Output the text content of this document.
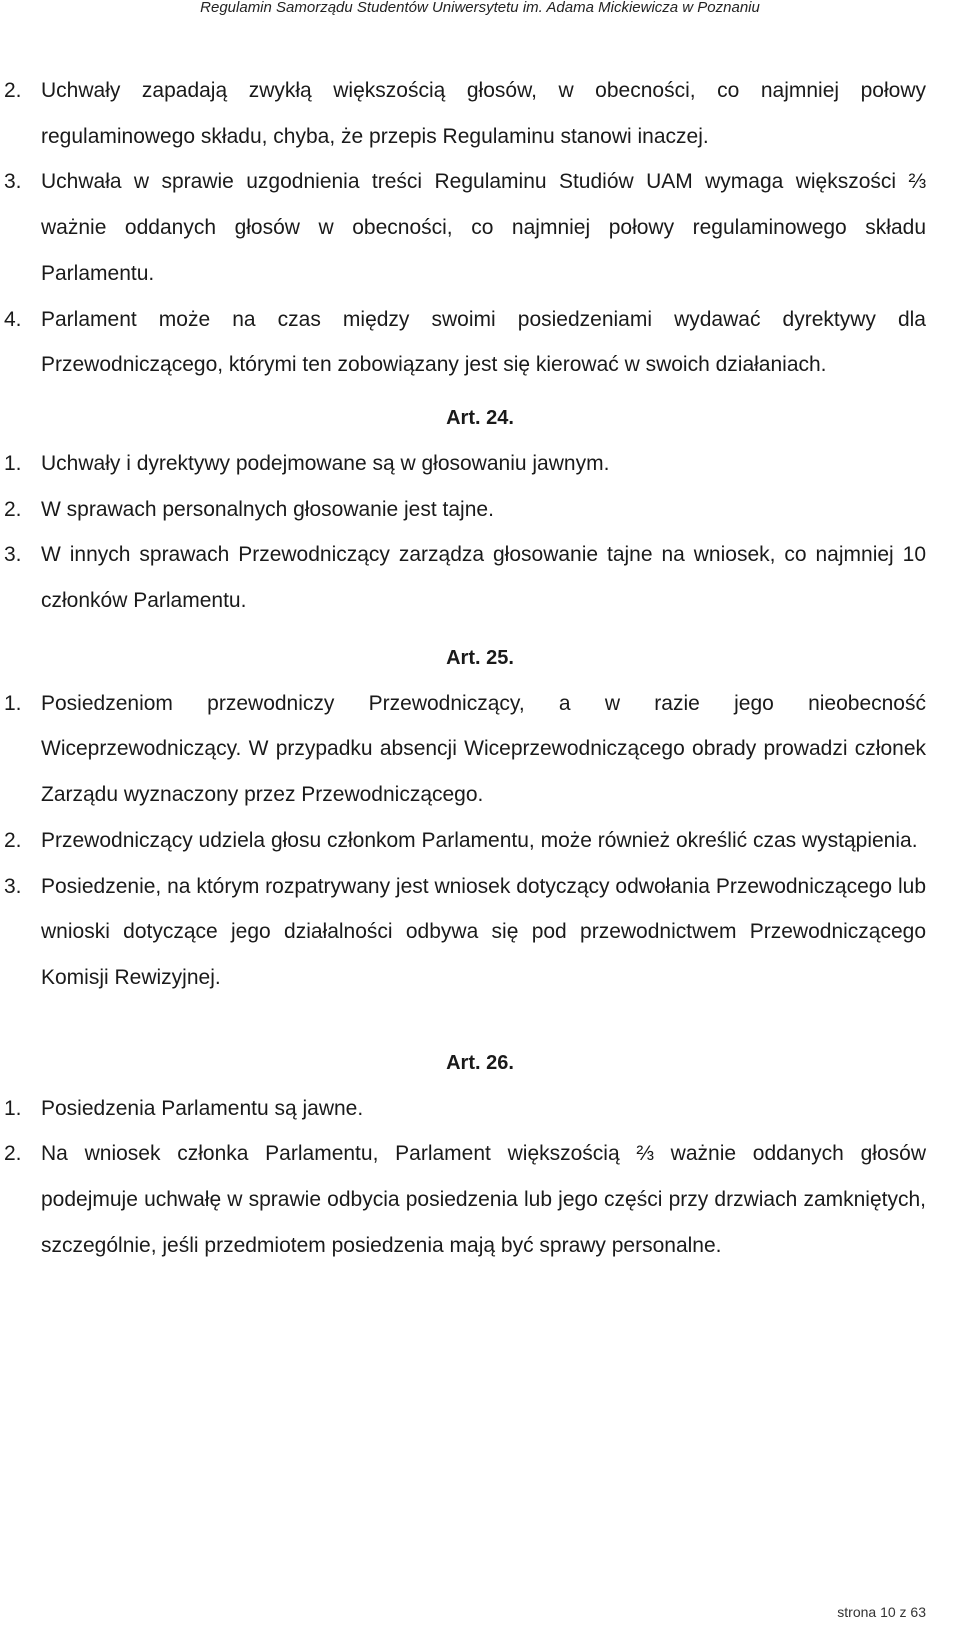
Regulamin Samorządu Studentów Uniwersytetu im. Adama Mickiewicza w Poznaniu
2. Uchwały zapadają zwykłą większością głosów, w obecności, co najmniej połowy regulaminowego składu, chyba, że przepis Regulaminu stanowi inaczej.
3. Uchwała w sprawie uzgodnienia treści Regulaminu Studiów UAM wymaga większości ⅔ ważnie oddanych głosów w obecności, co najmniej połowy regulaminowego składu Parlamentu.
4. Parlament może na czas między swoimi posiedzeniami wydawać dyrektywy dla Przewodniczącego, którymi ten zobowiązany jest się kierować w swoich działaniach.
Art. 24.
1. Uchwały i dyrektywy podejmowane są w głosowaniu jawnym.
2. W sprawach personalnych głosowanie jest tajne.
3. W innych sprawach Przewodniczący zarządza głosowanie tajne na wniosek, co najmniej 10 członków Parlamentu.
Art. 25.
1. Posiedzeniom przewodniczy Przewodniczący, a w razie jego nieobecność Wiceprzewodniczący. W przypadku absencji Wiceprzewodniczącego obrady prowadzi członek Zarządu wyznaczony przez Przewodniczącego.
2. Przewodniczący udziela głosu członkom Parlamentu, może również określić czas wystąpienia.
3. Posiedzenie, na którym rozpatrywany jest wniosek dotyczący odwołania Przewodniczącego lub wnioski dotyczące jego działalności odbywa się pod przewodnictwem Przewodniczącego Komisji Rewizyjnej.
Art. 26.
1. Posiedzenia Parlamentu są jawne.
2. Na wniosek członka Parlamentu, Parlament większością ⅔ ważnie oddanych głosów podejmuje uchwałę w sprawie odbycia posiedzenia lub jego części przy drzwiach zamkniętych, szczególnie, jeśli przedmiotem posiedzenia mają być sprawy personalne.
strona 10 z 63
